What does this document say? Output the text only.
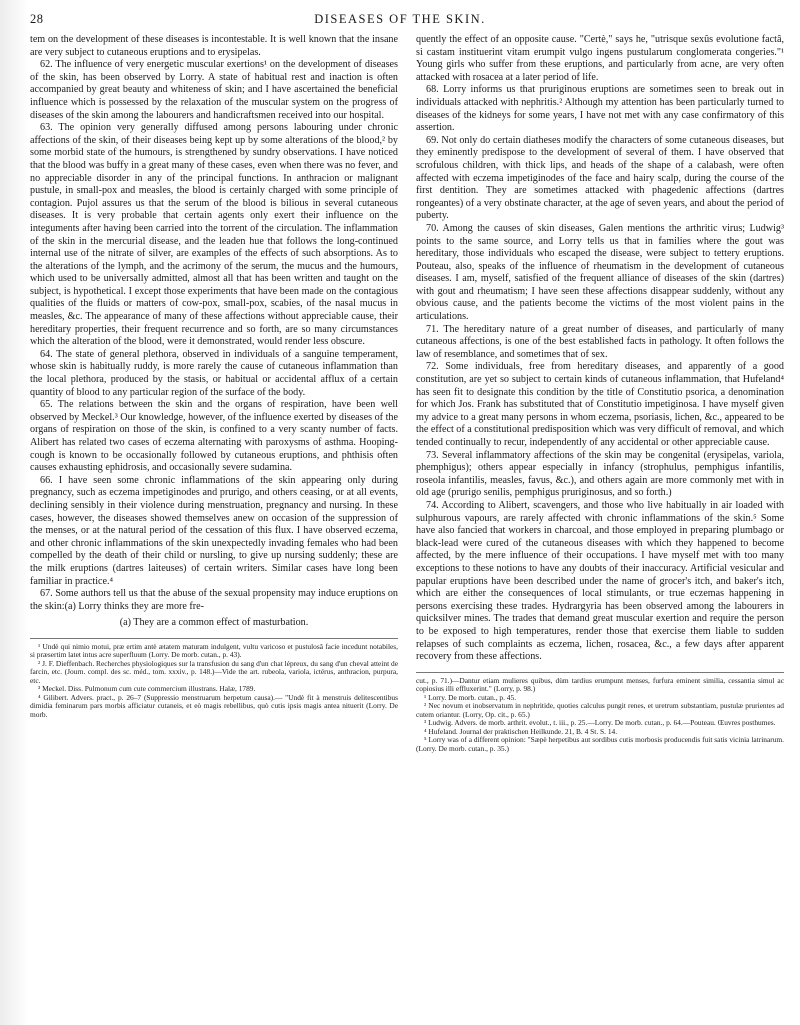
28	DISEASES OF THE SKIN.

tem on the development of these diseases is incontestable. It is well known that the insane are very subject to cutaneous eruptions and to erysipelas.

62. The influence of very energetic muscular exertions¹ on the development of diseases of the skin, has been observed by Lorry. A state of habitual rest and inaction is often accompanied by great beauty and whiteness of skin; and I have ascertained the beneficial influence which is possessed by the relaxation of the muscular system on the progress of diseases of the skin among the labourers and handicraftsmen received into our hospital.

63. The opinion very generally diffused among persons labouring under chronic affections of the skin, of their diseases being kept up by some alterations of the blood,² by some morbid state of the humours, is strengthened by sundry observations. I have noticed that the blood was buffy in a great many of these cases, even when there was no fever, and no appreciable disorder in any of the principal functions. In anthracion or malignant pustule, in small-pox and measles, the blood is certainly charged with some principle of contagion. Pujol assures us that the serum of the blood is bilious in several cutaneous diseases. It is very probable that certain agents only exert their influence on the integuments after having been carried into the torrent of the circulation. The inflammation of the skin in the mercurial disease, and the leaden hue that follows the long-continued internal use of the nitrate of silver, are examples of the effects of such absorptions. As to the alterations of the lymph, and the acrimony of the serum, the mucus and the humours, which used to be universally admitted, almost all that has been written and taught on the subject, is hypothetical. I except those experiments that have been made on the contagious qualities of the fluids or matters of cow-pox, small-pox, scabies, of the nasal mucus in measles, &c. The appearance of many of these affections without appreciable cause, their hereditary properties, their frequent recurrence and so forth, are so many circumstances which the alteration of the blood, were it demonstrated, would render less obscure.

64. The state of general plethora, observed in individuals of a sanguine temperament, whose skin is habitually ruddy, is more rarely the cause of cutaneous inflammation than the local plethora, produced by the stasis, or habitual or accidental afflux of a certain quantity of blood to any particular region of the surface of the body.

65. The relations between the skin and the organs of respiration, have been well observed by Meckel.³ Our knowledge, however, of the influence exerted by diseases of the organs of respiration on those of the skin, is confined to a very scanty number of facts. Alibert has related two cases of eczema alternating with paroxysms of asthma. Hooping-cough is known to be occasionally followed by cutaneous eruptions, and phthisis often causes exhausting ephidrosis, and occasionally severe sudamina.

66. I have seen some chronic inflammations of the skin appearing only during pregnancy, such as eczema impetiginodes and prurigo, and others ceasing, or at all events, declining sensibly in their violence during menstruation, pregnancy and nursing. In these cases, however, the diseases showed themselves anew on occasion of the suppression of the menses, or at the natural period of the cessation of this flux. I have observed eczema, and other chronic inflammations of the skin unexpectedly invading females who had been compelled by the death of their child or nursling, to give up nursing suddenly; these are the milk eruptions (dartres laiteuses) of certain writers. Similar cases have long been familiar in practice.⁴

67. Some authors tell us that the abuse of the sexual propensity may induce eruptions on the skin:(a) Lorry thinks they are more fre-

(a) They are a common effect of masturbation.

¹ Undè qui nimio motui, præ ertim antè ætatem maturam indulgent, vultu varicoso et pustulosâ facie incedunt notabiles, si præsertim latet intus acre superfluum (Lorry. De morb. cutan., p. 43).

² J. F. Dieffenbach. Recherches physiologiques sur la transfusion du sang d'un chat lépreux, du sang d'un cheval atteint de farcin, etc. (Journ. compl. des sc. méd., tom. xxxiv., p. 148.)—Vide the art. rubeola, variola, ictérus, anthracion, purpura, etc.

³ Meckel. Diss. Pulmonum cum cute commercium illustrans. Halæ, 1789.

⁴ Gilibert. Advers. pract., p. 26–7 (Suppressio menstruarum herpetum causa).— "Undè fit à menstruis delitescentibus dimidia feminarum pars morbis afficiatur cutaneis, et eò magis rebellibus, quò cutis ipsis magis antea nituerit (Lorry. De morb.

quently the effect of an opposite cause. "Certè," says he, "utrisque sexûs evolutione factâ, si castam instituerint vitam erumpit vulgo ingens pustularum conglomerata congeries."¹ Young girls who suffer from these eruptions, and particularly from acne, are very often attacked with rosacea at a later period of life.

68. Lorry informs us that pruriginous eruptions are sometimes seen to break out in individuals attacked with nephritis.² Although my attention has been particularly turned to diseases of the kidneys for some years, I have not met with any case confirmatory of this assertion.

69. Not only do certain diatheses modify the characters of some cutaneous diseases, but they eminently predispose to the development of several of them. I have observed that scrofulous children, with thick lips, and heads of the shape of a calabash, were often affected with eczema impetiginodes of the face and hairy scalp, during the course of the first dentition. They are sometimes attacked with phagedenic affections (dartres rongeantes) of a very obstinate character, at the age of seven years, and about the period of puberty.

70. Among the causes of skin diseases, Galen mentions the arthritic virus; Ludwig³ points to the same source, and Lorry tells us that in families where the gout was hereditary, those individuals who escaped the disease, were subject to tettery eruptions. Pouteau, also, speaks of the influence of rheumatism in the development of cutaneous diseases. I am, myself, satisfied of the frequent alliance of diseases of the skin (dartres) with gout and rheumatism; I have seen these affections disappear suddenly, without any obvious cause, and the patients become the victims of the most violent pains in the articulations.

71. The hereditary nature of a great number of diseases, and particularly of many cutaneous affections, is one of the best established facts in pathology. It often follows the law of resemblance, and sometimes that of sex.

72. Some individuals, free from hereditary diseases, and apparently of a good constitution, are yet so subject to certain kinds of cutaneous inflammation, that Hufeland⁴ has seen fit to designate this condition by the title of Constitutio psorica, a denomination for which Jos. Frank has substituted that of Constitutio impetiginosa. I have myself given my advice to a great many persons in whom eczema, psoriasis, lichen, &c., appeared to be the effect of a constitutional predisposition which was very difficult of removal, and which tended continually to recur, independently of any accidental or other appreciable cause.

73. Several inflammatory affections of the skin may be congenital (erysipelas, variola, phemphigus); others appear especially in infancy (strophulus, pemphigus infantilis, roseola infantilis, measles, favus, &c.), and others again are more commonly met with in old age (prurigo senilis, pemphigus pruriginosus, and so forth.)

74. According to Alibert, scavengers, and those who live habitually in air loaded with sulphurous vapours, are rarely affected with chronic inflammations of the skin.⁵ Some have also fancied that workers in charcoal, and those employed in preparing plumbago or black-lead were cured of the cutaneous diseases with which they happened to become affected, by the mere influence of their occupations. I have myself met with too many exceptions to these notions to have any doubts of their inaccuracy. Artificial vesicular and papular eruptions have been described under the name of grocer's itch, and baker's itch, which are either the consequences of local stimulants, or true eczemas happening in persons exercising these trades. Hydrargyria has been observed among the labourers in quicksilver mines. The trades that demand great muscular exertion and require the person to be exposed to high temperatures, render those that exercise them liable to sudden relapses of such complaints as eczema, lichen, rosacea, &c., a few days after apparent recovery from these affections.

cut., p. 71.)—Dantur etiam mulieres quibus, dùm tardius erumpunt menses, furfura eminent similia, cessantia simul ac copiosius illi effluxerint." (Lorry, p. 98.)

¹ Lorry. De morb. cutan., p. 45.

² Nec novum et inobservatum in nephritide, quoties calculus pungit renes, et uretrum substantiam, pustulæ prurientes ad cutem oriantur. (Lorry, Op. cit., p. 65.)

³ Ludwig. Advers. de morb. arthrit. evolut., t. iii., p. 25.—Lorry. De morb. cutan., p. 64.—Pouteau. Œuvres posthumes.

⁴ Hufeland. Journal der praktischen Heilkunde. 21, B. 4 St. S. 14.

⁵ Lorry was of a different opinion: "Sæpè herpetibus aut sordibus cutis morbosis producendis fuit satis vicinia latrinarum. (Lorry. De morb. cutan., p. 35.)
